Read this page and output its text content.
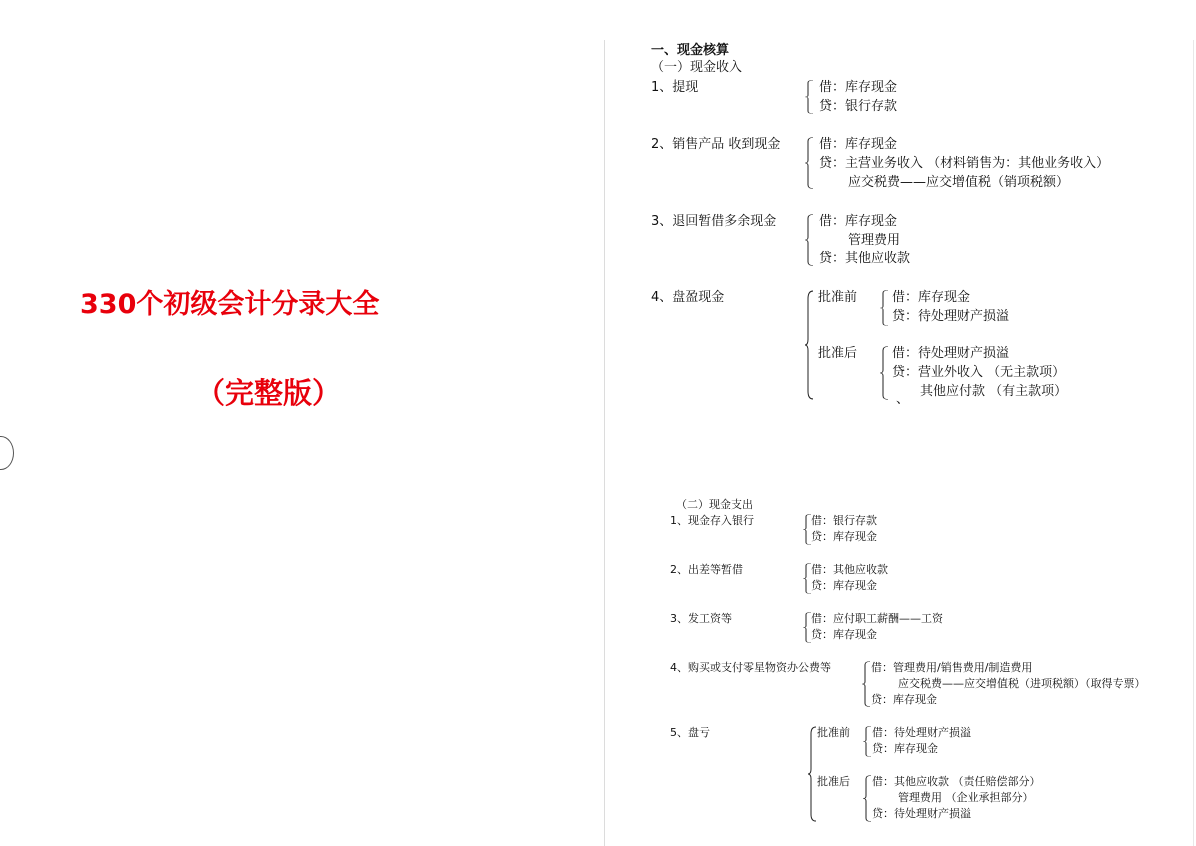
330个初级会计分录大全
（完整版）
一、现金核算
（一）现金收入
1、提现	借：库存现金
贷：银行存款
2、销售产品 收到现金	借：库存现金
贷：主营业务收入 （材料销售为：其他业务收入）
应交税费——应交增值税（销项税额）
3、退回暂借多余现金	借：库存现金
管理费用
贷：其他应收款
4、盘盈现金	批准前	借：库存现金
贷：待处理财产损溢
批准后	借：待处理财产损溢
贷：营业外收入 （无主款项）
其他应付款 （有主款项）
、
（二）现金支出
1、现金存入银行	借：银行存款
贷：库存现金
2、出差等暂借	借：其他应收款
贷：库存现金
3、发工资等	借：应付职工薪酬——工资
贷：库存现金
4、购买或支付零星物资办公费等	借：管理费用/销售费用/制造费用
应交税费——应交增值税（进项税额）（取得专票）
贷：库存现金
5、盘亏	批准前 借：待处理财产损溢
贷：库存现金
批准后 借：其他应收款 （责任赔偿部分）
管理费用 （企业承担部分）
贷：待处理财产损溢
